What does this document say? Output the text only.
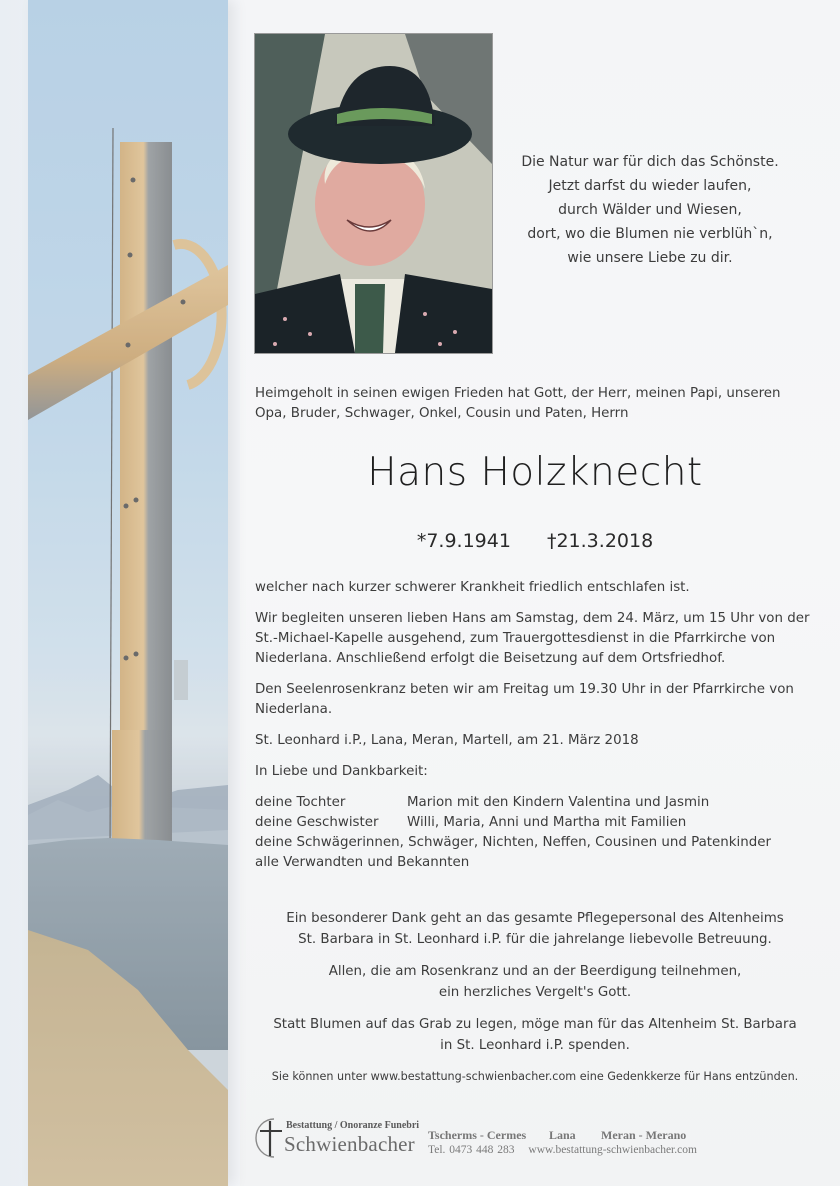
Die Natur war für dich das Schönste.
Jetzt darfst du wieder laufen,
durch Wälder und Wiesen,
dort, wo die Blumen nie verblüh`n,
wie unsere Liebe zu dir.
Heimgeholt in seinen ewigen Frieden hat Gott, der Herr, meinen Papi, unseren Opa, Bruder, Schwager, Onkel, Cousin und Paten, Herrn
Hans Holzknecht
*7.9.1941 †21.3.2018

welcher nach kurzer schwerer Krankheit friedlich entschlafen ist.

Wir begleiten unseren lieben Hans am Samstag, dem 24. März, um 15 Uhr von der St.-Michael-Kapelle ausgehend, zum Trauergottesdienst in die Pfarrkirche von Niederlana. Anschließend erfolgt die Beisetzung auf dem Ortsfriedhof.

Den Seelenrosenkranz beten wir am Freitag um 19.30 Uhr in der Pfarrkirche von Niederlana.

St. Leonhard i.P., Lana, Meran, Martell, am 21. März 2018

In Liebe und Dankbarkeit:

deine Tochter	Marion mit den Kindern Valentina und Jasmin
deine Geschwister	Willi, Maria, Anni und Martha mit Familien
deine Schwägerinnen, Schwäger, Nichten, Neffen, Cousinen und Patenkinder
alle Verwandten und Bekannten

Ein besonderer Dank geht an das gesamte Pflegepersonal des Altenheims
St. Barbara in St. Leonhard i.P. für die jahrelange liebevolle Betreuung.

Allen, die am Rosenkranz und an der Beerdigung teilnehmen,
ein herzliches Vergelt's Gott.

Statt Blumen auf das Grab zu legen, möge man für das Altenheim St. Barbara
in St. Leonhard i.P. spenden.

Sie können unter www.bestattung-schwienbacher.com eine Gedenkkerze für Hans entzünden.
Bestattung / Onoranze Funebri
Schwienbacher Tscherms - Cermes Lana Meran - Merano
Tel. 0473 448 283 www.bestattung-schwienbacher.com
